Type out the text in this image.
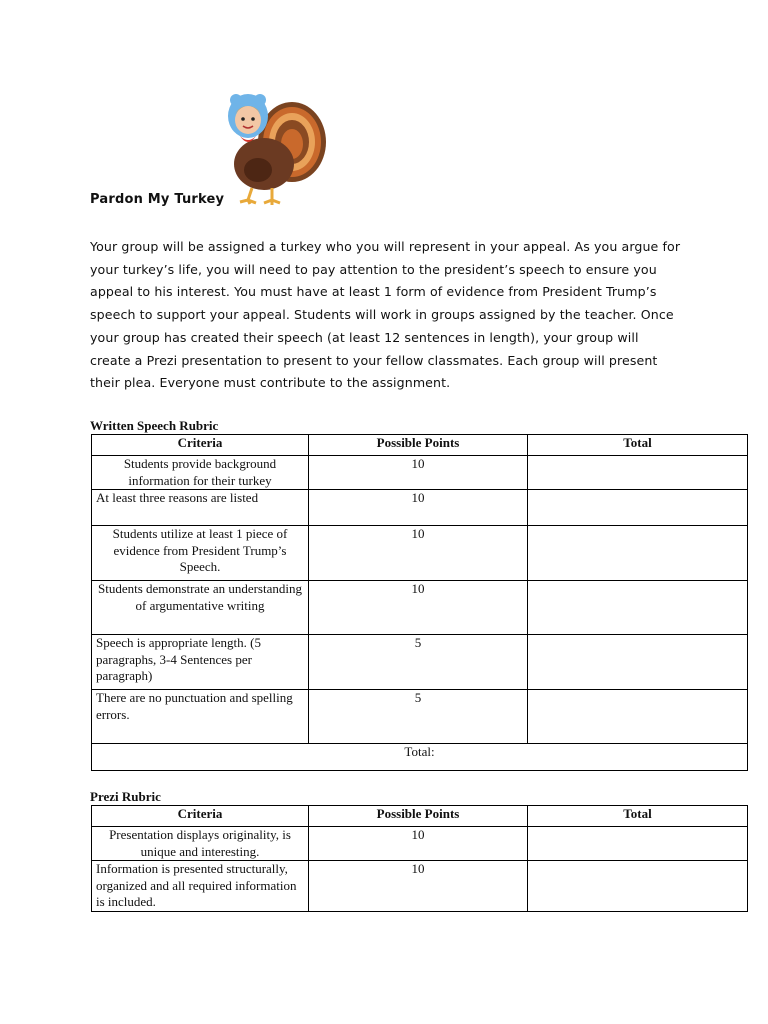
Pardon My Turkey

Your group will be assigned a turkey who you will represent in your appeal. As you argue for
your turkey’s life, you will need to pay attention to the president’s speech to ensure you
appeal to his interest. You must have at least 1 form of evidence from President Trump’s
speech to support your appeal. Students will work in groups assigned by the teacher. Once
your group has created their speech (at least 12 sentences in length), your group will
create a Prezi presentation to present to your fellow classmates. Each group will present
their plea. Everyone must contribute to the assignment.

Written Speech Rubric
Criteria	Possible Points	Total
Students provide background information for their turkey	10	
At least three reasons are listed	10	
Students utilize at least 1 piece of evidence from President Trump’s Speech.	10	
Students demonstrate an understanding of argumentative writing	10	
Speech is appropriate length. (5 paragraphs, 3-4 Sentences per paragraph)	5	
There are no punctuation and spelling errors.	5	
Total:		
Prezi Rubric
Criteria	Possible Points	Total
Presentation displays originality, is unique and interesting.	10	
Information is presented structurally, organized and all required information is included.	10	
